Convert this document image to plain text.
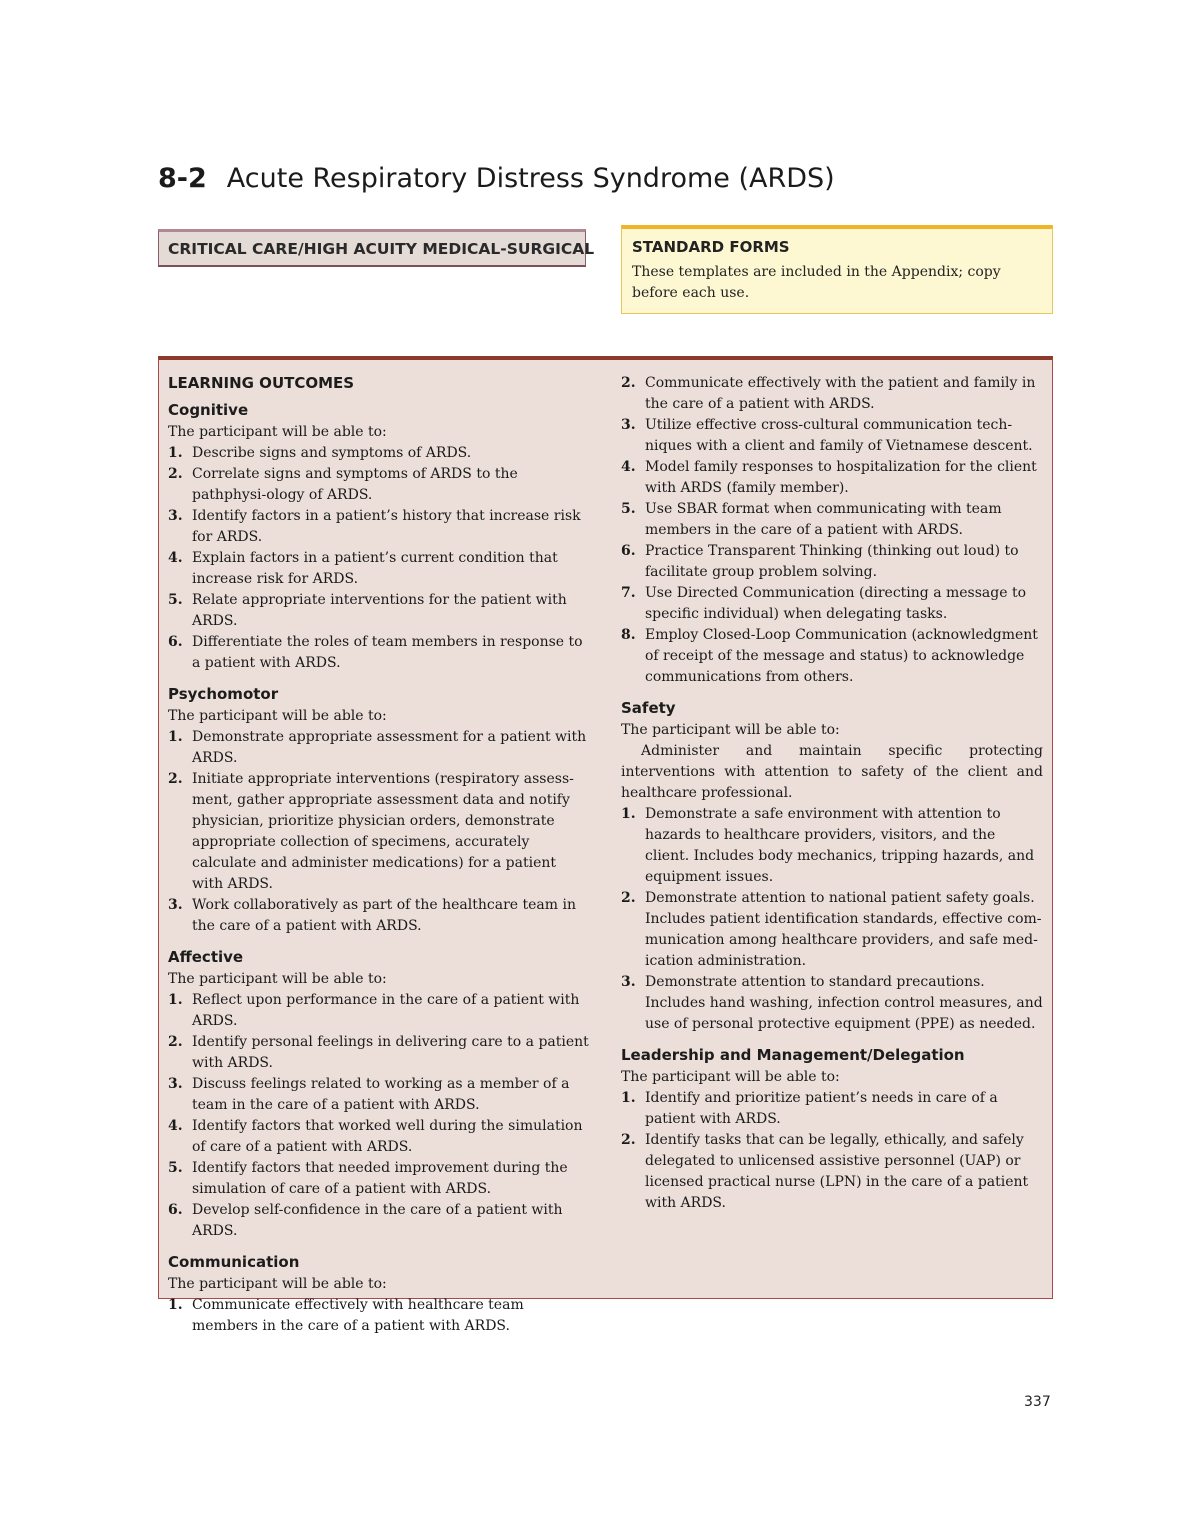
8-2 Acute Respiratory Distress Syndrome (ARDS)
CRITICAL CARE/HIGH ACUITY MEDICAL-SURGICAL	STANDARD FORMS

These templates are included in the Appendix; copy before each use.

LEARNING OUTCOMES
Cognitive

The participant will be able to:

1. Describe signs and symptoms of ARDS.
2. Correlate signs and symptoms of ARDS to the pathphysi-ology of ARDS.
3. Identify factors in a patient’s history that increase risk for ARDS.
4. Explain factors in a patient’s current condition that increase risk for ARDS.
5. Relate appropriate interventions for the patient with ARDS.
6. Differentiate the roles of team members in response to a patient with ARDS.
Psychomotor

The participant will be able to:

1. Demonstrate appropriate assessment for a patient with ARDS.
2. Initiate appropriate interventions (respiratory assess-ment, gather appropriate assessment data and notify physician, prioritize physician orders, demonstrate appropriate collection of specimens, accurately calculate and administer medications) for a patient with ARDS.
3. Work collaboratively as part of the healthcare team in the care of a patient with ARDS.
Affective

The participant will be able to:

1. Reflect upon performance in the care of a patient with ARDS.
2. Identify personal feelings in delivering care to a patient with ARDS.
3. Discuss feelings related to working as a member of a team in the care of a patient with ARDS.
4. Identify factors that worked well during the simulation of care of a patient with ARDS.
5. Identify factors that needed improvement during the simulation of care of a patient with ARDS.
6. Develop self-confidence in the care of a patient with ARDS.
Communication

The participant will be able to:

1. Communicate effectively with healthcare team members in the care of a patient with ARDS.
2. Communicate effectively with the patient and family in the care of a patient with ARDS.
3. Utilize effective cross-cultural communication tech-niques with a client and family of Vietnamese descent.
4. Model family responses to hospitalization for the client with ARDS (family member).
5. Use SBAR format when communicating with team members in the care of a patient with ARDS.
6. Practice Transparent Thinking (thinking out loud) to facilitate group problem solving.
7. Use Directed Communication (directing a message to specific individual) when delegating tasks.
8. Employ Closed-Loop Communication (acknowledgment of receipt of the message and status) to acknowledge communications from others.
Safety

The participant will be able to:

Administer and maintain specific protecting interventions with attention to safety of the client and healthcare professional.

1. Demonstrate a safe environment with attention to hazards to healthcare providers, visitors, and the client. Includes body mechanics, tripping hazards, and equipment issues.
2. Demonstrate attention to national patient safety goals. Includes patient identification standards, effective com-munication among healthcare providers, and safe med-ication administration.
3. Demonstrate attention to standard precautions. Includes hand washing, infection control measures, and use of personal protective equipment (PPE) as needed.
Leadership and Management/Delegation

The participant will be able to:

1. Identify and prioritize patient’s needs in care of a patient with ARDS.
2. Identify tasks that can be legally, ethically, and safely delegated to unlicensed assistive personnel (UAP) or licensed practical nurse (LPN) in the care of a patient with ARDS.
337
